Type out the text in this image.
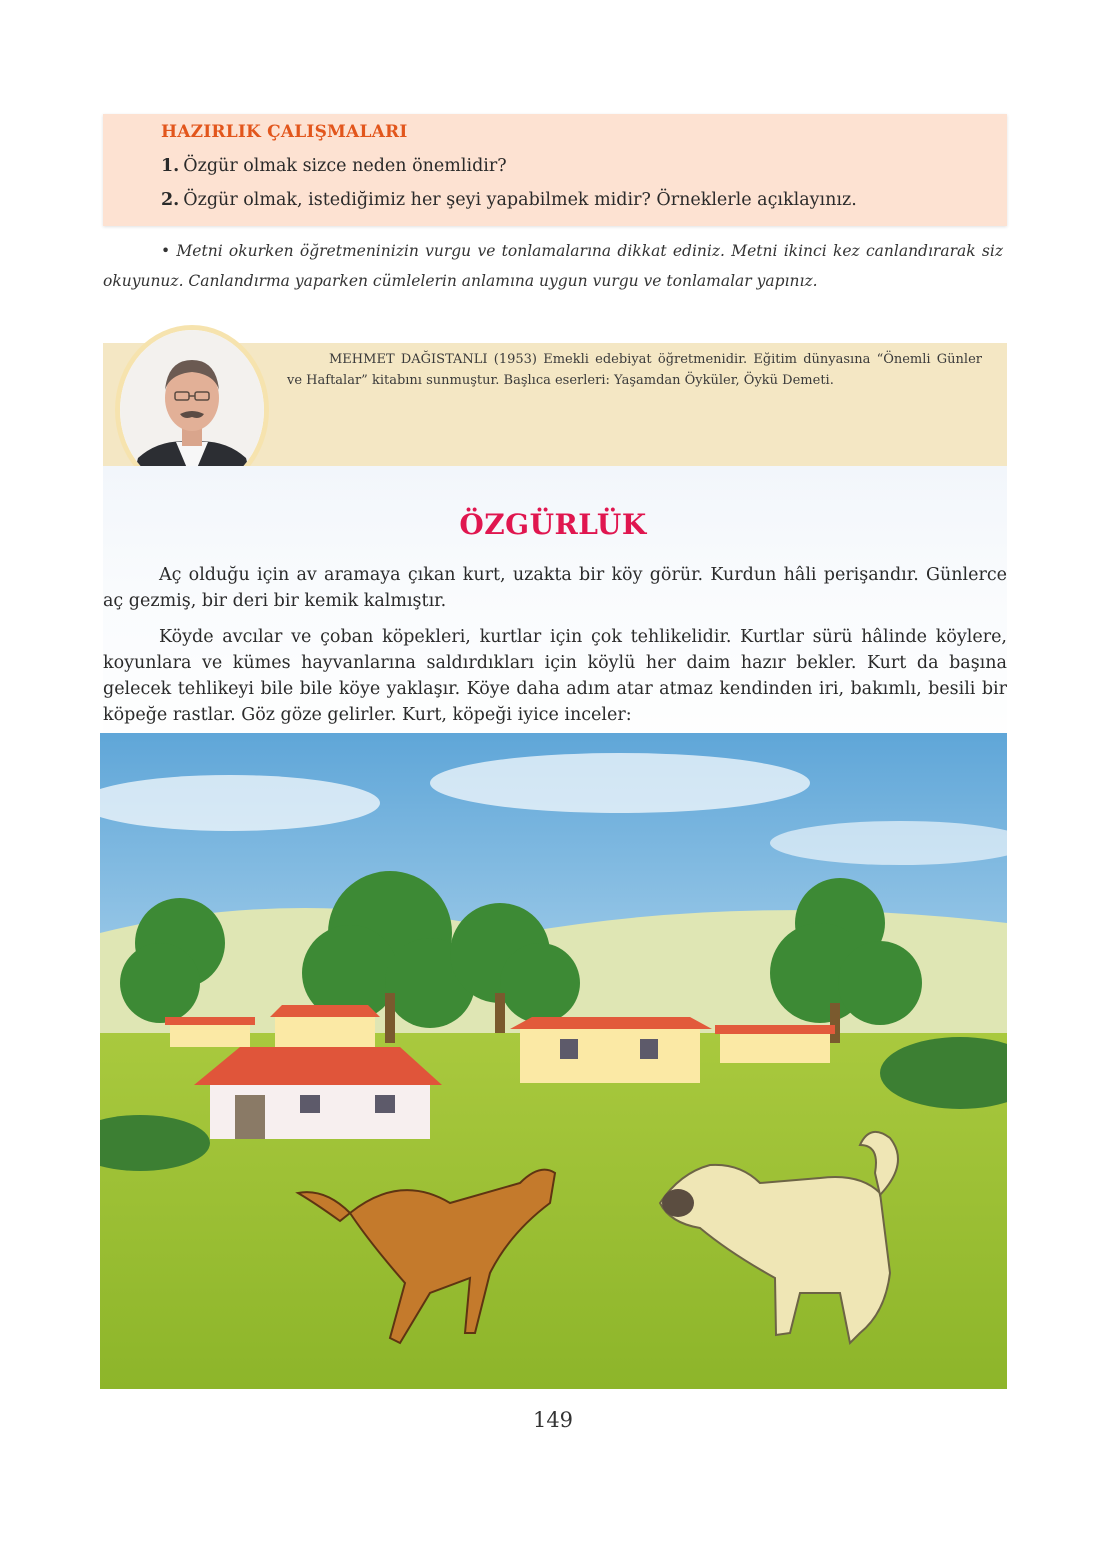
HAZIRLIK ÇALIŞMALARI
1. Özgür olmak sizce neden önemlidir?
2. Özgür olmak, istediğimiz her şeyi yapabilmek midir? Örneklerle açıklayınız.
• Metni okurken öğretmeninizin vurgu ve tonlamalarına dikkat ediniz. Metni ikinci kez canlandırarak siz okuyunuz. Canlandırma yaparken cümlelerin anlamına uygun vurgu ve tonlamalar yapınız.
MEHMET DAĞISTANLI (1953) Emekli edebiyat öğretmenidir. Eğitim dünyasına “Önemli Günler ve Haftalar” kitabını sunmuştur. Başlıca eserleri: Yaşamdan Öyküler, Öykü Demeti.
ÖZGÜRLÜK
Aç olduğu için av aramaya çıkan kurt, uzakta bir köy görür. Kurdun hâli perişandır. Günlerce aç gezmiş, bir deri bir kemik kalmıştır.
Köyde avcılar ve çoban köpekleri, kurtlar için çok tehlikelidir. Kurtlar sürü hâlinde köylere, koyunlara ve kümes hayvanlarına saldırdıkları için köylü her daim hazır bekler. Kurt da başına gelecek tehlikeyi bile bile köye yaklaşır. Köye daha adım atar atmaz kendinden iri, bakımlı, besili bir köpeğe rastlar. Göz göze gelirler. Kurt, köpeği iyice inceler:
149
